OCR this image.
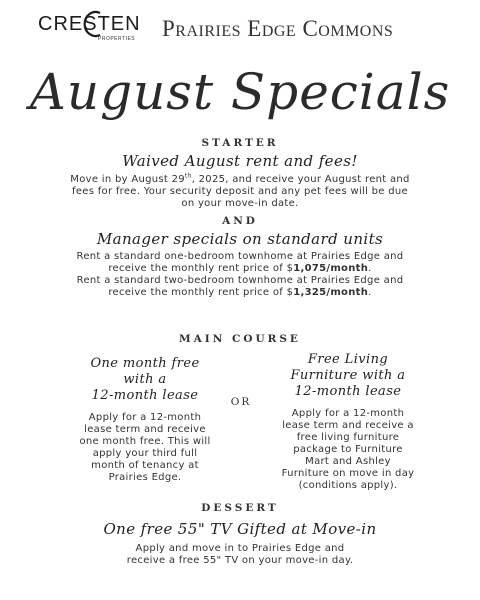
CRESTEN
PROPERTIES Prairies Edge Commons
August Specials
STARTER
Waived August rent and fees!
Move in by August 29th, 2025, and receive your August rent and
fees for free. Your security deposit and any pet fees will be due
on your move-in date.
AND
Manager specials on standard units
Rent a standard one-bedroom townhome at Prairies Edge and
receive the monthly rent price of $1,075/month.
Rent a standard two-bedroom townhome at Prairies Edge and
receive the monthly rent price of $1,325/month.
MAIN COURSE
One month free
with a
12-month lease
Apply for a 12-month
lease term and receive
one month free. This will
apply your third full
month of tenancy at
Prairies Edge.
OR
Free Living
Furniture with a
12-month lease
Apply for a 12-month
lease term and receive a
free living furniture
package to Furniture
Mart and Ashley
Furniture on move in day
(conditions apply).
DESSERT
One free 55" TV Gifted at Move-in
Apply and move in to Prairies Edge and
receive a free 55" TV on your move-in day.
